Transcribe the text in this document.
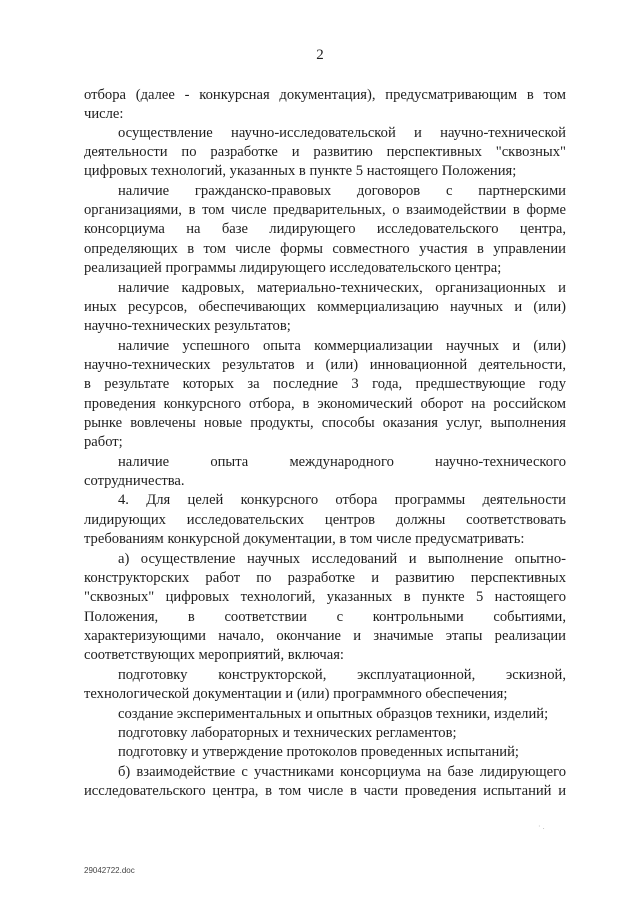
2
отбора (далее - конкурсная документация), предусматривающим в том
числе:
осуществление научно-исследовательской и научно-технической
деятельности по разработке и развитию перспективных "сквозных"
цифровых технологий, указанных в пункте 5 настоящего Положения;
наличие гражданско-правовых договоров с партнерскими
организациями, в том числе предварительных, о взаимодействии в форме
консорциума на базе лидирующего исследовательского центра,
определяющих в том числе формы совместного участия в управлении
реализацией программы лидирующего исследовательского центра;
наличие кадровых, материально-технических, организационных и
иных ресурсов, обеспечивающих коммерциализацию научных и (или)
научно-технических результатов;
наличие успешного опыта коммерциализации научных и (или)
научно-технических результатов и (или) инновационной деятельности,
в результате которых за последние 3 года, предшествующие году
проведения конкурсного отбора, в экономический оборот на российском
рынке вовлечены новые продукты, способы оказания услуг, выполнения
работ;
наличие опыта международного научно-технического
сотрудничества.
4. Для целей конкурсного отбора программы деятельности
лидирующих исследовательских центров должны соответствовать
требованиям конкурсной документации, в том числе предусматривать:
а) осуществление научных исследований и выполнение опытно-
конструкторских работ по разработке и развитию перспективных
"сквозных" цифровых технологий, указанных в пункте 5 настоящего
Положения, в соответствии с контрольными событиями,
характеризующими начало, окончание и значимые этапы реализации
соответствующих мероприятий, включая:
подготовку конструкторской, эксплуатационной, эскизной,
технологической документации и (или) программного обеспечения;
создание экспериментальных и опытных образцов техники, изделий;
подготовку лабораторных и технических регламентов;
подготовку и утверждение протоколов проведенных испытаний;
б) взаимодействие с участниками консорциума на базе лидирующего
исследовательского центра, в том числе в части проведения испытаний и
· .
29042722.doc
